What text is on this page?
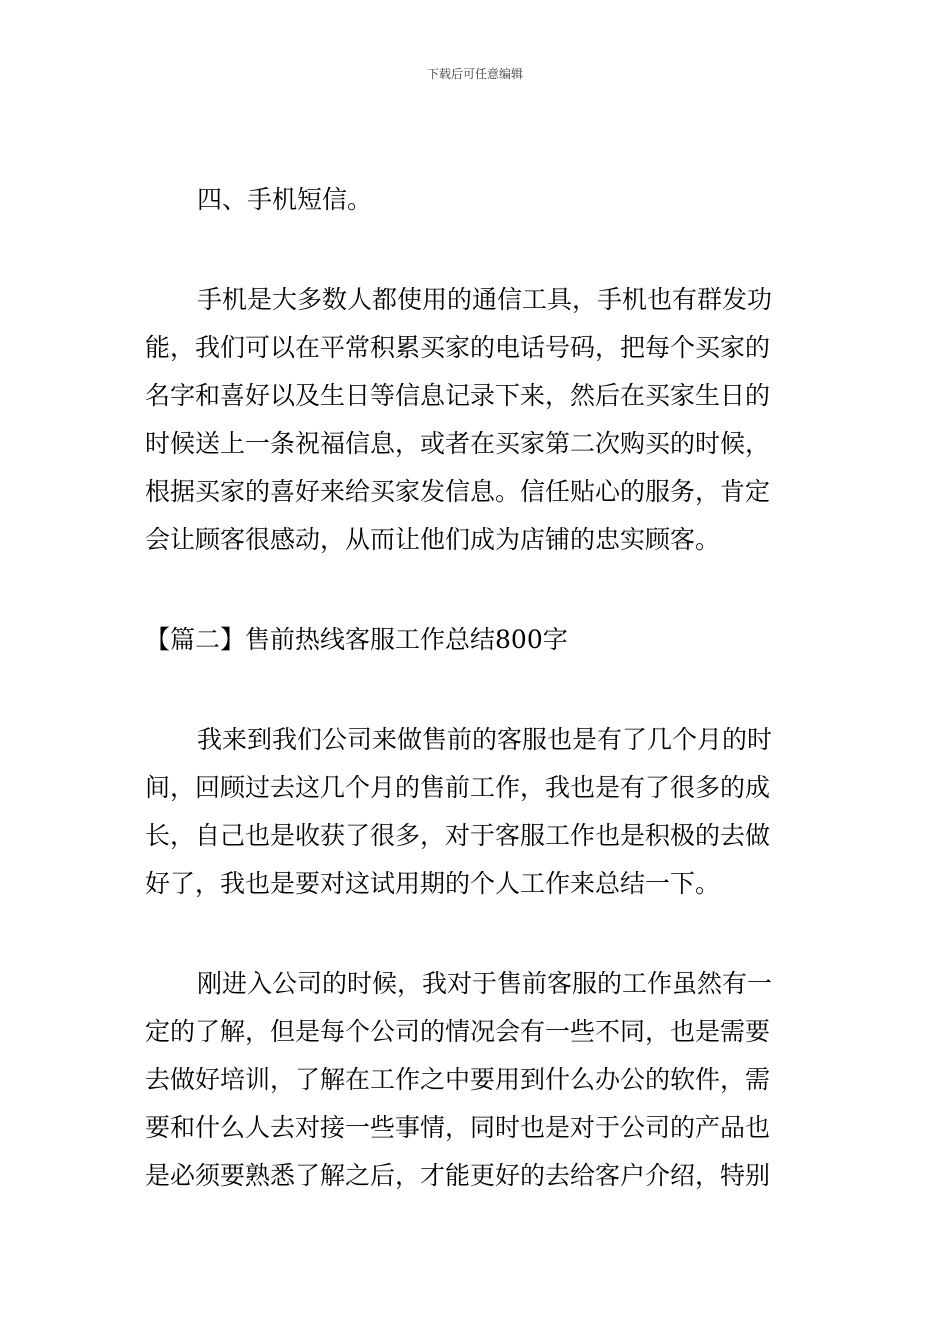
下载后可任意编辑
四、手机短信。
手机是大多数人都使用的通信工具，手机也有群发功
能，我们可以在平常积累买家的电话号码，把每个买家的
名字和喜好以及生日等信息记录下来，然后在买家生日的
时候送上一条祝福信息，或者在买家第二次购买的时候，
根据买家的喜好来给买家发信息。信任贴心的服务，肯定
会让顾客很感动，从而让他们成为店铺的忠实顾客。
【篇二】售前热线客服工作总结800字
我来到我们公司来做售前的客服也是有了几个月的时
间，回顾过去这几个月的售前工作，我也是有了很多的成
长，自己也是收获了很多，对于客服工作也是积极的去做
好了，我也是要对这试用期的个人工作来总结一下。
刚进入公司的时候，我对于售前客服的工作虽然有一
定的了解，但是每个公司的情况会有一些不同，也是需要
去做好培训，了解在工作之中要用到什么办公的软件，需
要和什么人去对接一些事情，同时也是对于公司的产品也
是必须要熟悉了解之后，才能更好的去给客户介绍，特别
